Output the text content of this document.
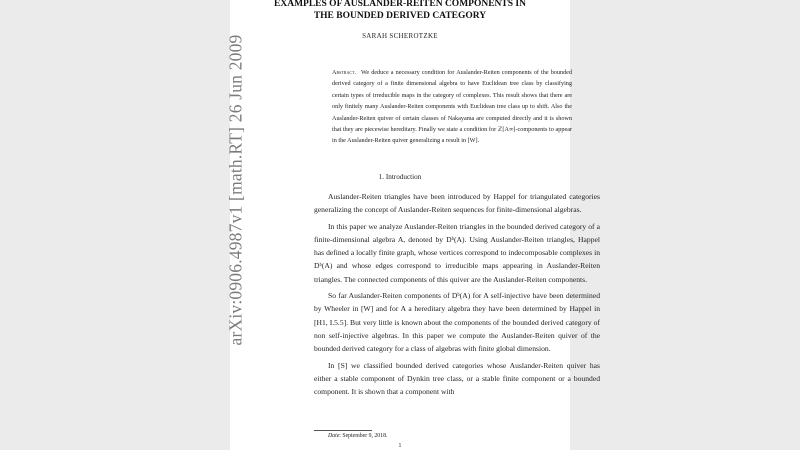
EXAMPLES OF AUSLANDER-REITEN COMPONENTS IN
THE BOUNDED DERIVED CATEGORY
SARAH SCHEROTZKE
Abstract. We deduce a necessary condition for Auslander-Reiten components of the bounded derived category of a finite dimensional algebra to have Euclidean tree class by classifying certain types of irreducible maps in the category of complexes. This result shows that there are only finitely many Auslander-Reiten components with Euclidean tree class up to shift. Also the Auslander-Reiten quiver of certain classes of Nakayama are computed directly and it is shown that they are piecewise hereditary. Finally we state a condition for ℤ[A∞]-components to appear in the Auslander-Reiten quiver generalizing a result in [W].
1. Introduction

Auslander-Reiten triangles have been introduced by Happel for triangulated categories generalizing the concept of Auslander-Reiten sequences for finite-dimensional algebras.

In this paper we analyze Auslander-Reiten triangles in the bounded derived category of a finite-dimensional algebra A, denoted by Dᵇ(A). Using Auslander-Reiten triangles, Happel has defined a locally finite graph, whose vertices correspond to indecomposable complexes in Dᵇ(A) and whose edges correspond to irreducible maps appearing in Auslander-Reiten triangles. The connected components of this quiver are the Auslander-Reiten components.

So far Auslander-Reiten components of Dᵇ(A) for A self-injective have been determined by Wheeler in [W] and for A a hereditary algebra they have been determined by Happel in [H1, I.5.5]. But very little is known about the components of the bounded derived category of non self-injective algebras. In this paper we compute the Auslander-Reiten quiver of the bounded derived category for a class of algebras with finite global dimension.

In [S] we classified bounded derived categories whose Auslander-Reiten quiver has either a stable component of Dynkin tree class, or a stable finite component or a bounded component. It is shown that a component with

Date: September 9, 2018.
1
arXiv:0906.4987v1 [math.RT] 26 Jun 2009
